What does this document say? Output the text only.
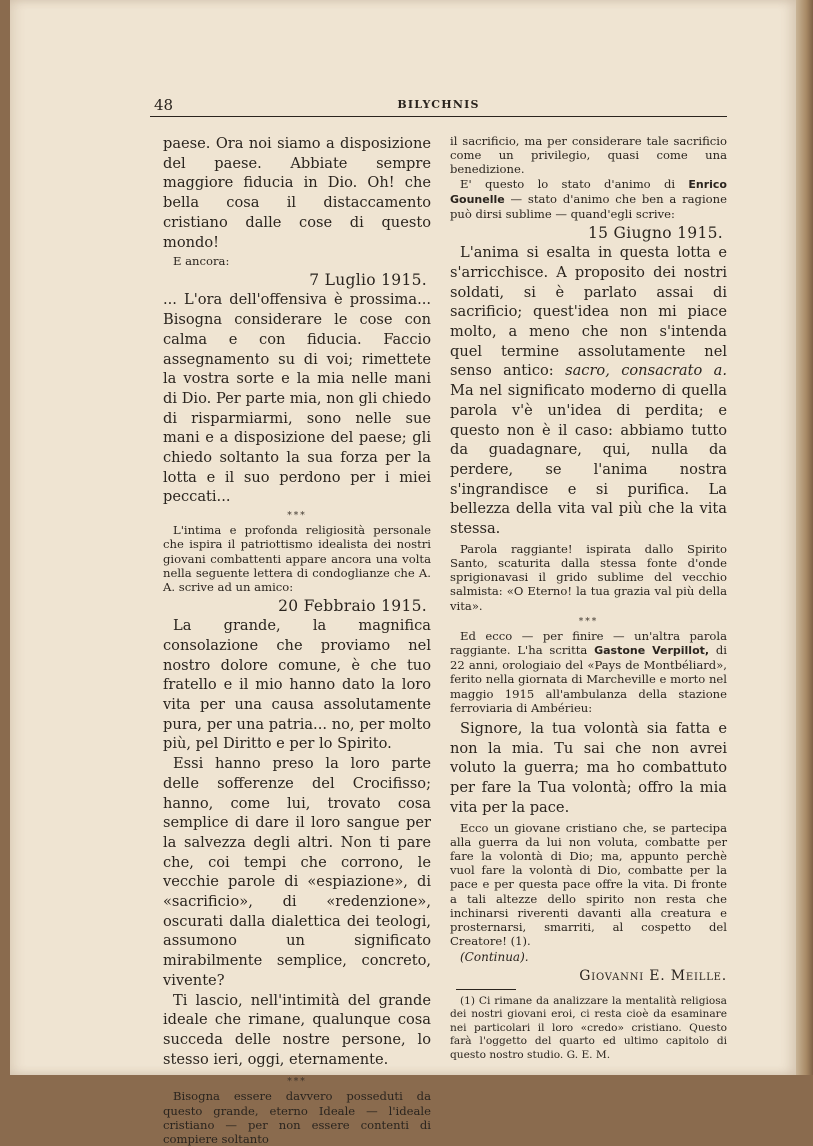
48	BILYCHNIS

paese. Ora noi siamo a disposizione del paese. Abbiate sempre maggiore fiducia in Dio. Oh! che bella cosa il distaccamento cristiano dalle cose di questo mondo!

E ancora:

7 Luglio 1915.

... L'ora dell'offensiva è prossima... Bisogna considerare le cose con calma e con fiducia. Faccio assegnamento su di voi; rimettete la vostra sorte e la mia nelle mani di Dio. Per parte mia, non gli chiedo di risparmiarmi, sono nelle sue mani e a disposizione del paese; gli chiedo soltanto la sua forza per la lotta e il suo perdono per i miei peccati...

***

L'intima e profonda religiosità personale che ispira il patriottismo idealista dei nostri giovani combattenti appare ancora una volta nella seguente lettera di condoglianze che A. A. scrive ad un amico:

20 Febbraio 1915.

La grande, la magnifica consolazione che proviamo nel nostro dolore comune, è che tuo fratello e il mio hanno dato la loro vita per una causa assolutamente pura, per una patria... no, per molto più, pel Diritto e per lo Spirito.

Essi hanno preso la loro parte delle sofferenze del Crocifisso; hanno, come lui, trovato cosa semplice di dare il loro sangue per la salvezza degli altri. Non ti pare che, coi tempi che corrono, le vecchie parole di «espiazione», di «sacrificio», di «redenzione», oscurati dalla dialettica dei teologi, assumono un significato mirabilmente semplice, concreto, vivente?

Ti lascio, nell'intimità del grande ideale che rimane, qualunque cosa succeda delle nostre persone, lo stesso ieri, oggi, eternamente.

***

Bisogna essere davvero posseduti da questo grande, eterno Ideale — l'ideale cristiano — per non essere contenti di compiere soltanto

il sacrificio, ma per considerare tale sacrificio come un privilegio, quasi come una benedizione.

E' questo lo stato d'animo di Enrico Gounelle — stato d'animo che ben a ragione può dirsi sublime — quand'egli scrive:

15 Giugno 1915.

L'anima si esalta in questa lotta e s'arricchisce. A proposito dei nostri soldati, si è parlato assai di sacrificio; quest'idea non mi piace molto, a meno che non s'intenda quel termine assolutamente nel senso antico: sacro, consacrato a. Ma nel significato moderno di quella parola v'è un'idea di perdita; e questo non è il caso: abbiamo tutto da guadagnare, qui, nulla da perdere, se l'anima nostra s'ingrandisce e si purifica. La bellezza della vita val più che la vita stessa.

Parola raggiante! ispirata dallo Spirito Santo, scaturita dalla stessa fonte d'onde sprigionavasi il grido sublime del vecchio salmista: «O Eterno! la tua grazia val più della vita».

***

Ed ecco — per finire — un'altra parola raggiante. L'ha scritta Gastone Verpillot, di 22 anni, orologiaio del «Pays de Montbéliard», ferito nella giornata di Marcheville e morto nel maggio 1915 all'ambulanza della stazione ferroviaria di Ambérieu:

Signore, la tua volontà sia fatta e non la mia. Tu sai che non avrei voluto la guerra; ma ho combattuto per fare la Tua volontà; offro la mia vita per la pace.

Ecco un giovane cristiano che, se partecipa alla guerra da lui non voluta, combatte per fare la volontà di Dio; ma, appunto perchè vuol fare la volontà di Dio, combatte per la pace e per questa pace offre la vita. Di fronte a tali altezze dello spirito non resta che inchinarsi riverenti davanti alla creatura e prosternarsi, smarriti, al cospetto del Creatore! (1).

(Continua).

Giovanni E. Meille.

(1) Ci rimane da analizzare la mentalità religiosa dei nostri giovani eroi, ci resta cioè da esaminare nei particolari il loro «credo» cristiano. Questo farà l'oggetto del quarto ed ultimo capitolo di questo nostro studio. G. E. M.
